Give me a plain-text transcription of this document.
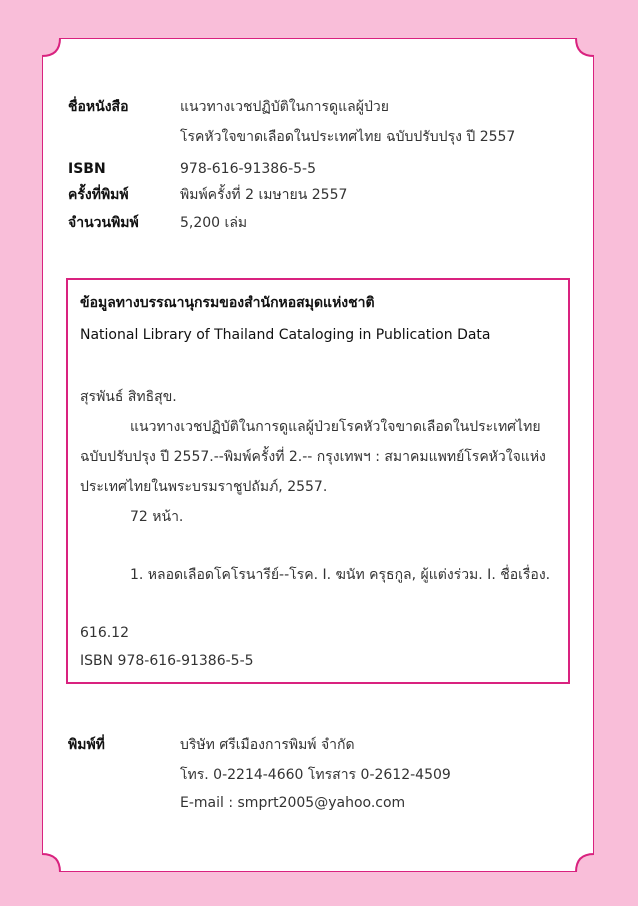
ชื่อหนังสือ	แนวทางเวชปฏิบัติในการดูแลผู้ป่วย
โรคหัวใจขาดเลือดในประเทศไทย ฉบับปรับปรุง ปี 2557
ISBN	978-616-91386-5-5
ครั้งที่พิมพ์	พิมพ์ครั้งที่ 2 เมษายน 2557
จำนวนพิมพ์	5,200 เล่ม
ข้อมูลทางบรรณานุกรมของสำนักหอสมุดแห่งชาติ
National Library of Thailand Cataloging in Publication Data
สุรพันธ์ สิทธิสุข.
แนวทางเวชปฏิบัติในการดูแลผู้ป่วยโรคหัวใจขาดเลือดในประเทศไทย
ฉบับปรับปรุง ปี 2557.--พิมพ์ครั้งที่ 2.-- กรุงเทพฯ : สมาคมแพทย์โรคหัวใจแห่ง
ประเทศไทยในพระบรมราชูปถัมภ์, 2557.
72 หน้า.
1. หลอดเลือดโคโรนารีย์--โรค. I. ฆนัท ครุธกูล, ผู้แต่งร่วม. I. ชื่อเรื่อง.
616.12
ISBN 978-616-91386-5-5
พิมพ์ที่	บริษัท ศรีเมืองการพิมพ์ จำกัด
โทร. 0-2214-4660 โทรสาร 0-2612-4509
E-mail : smprt2005@yahoo.com
